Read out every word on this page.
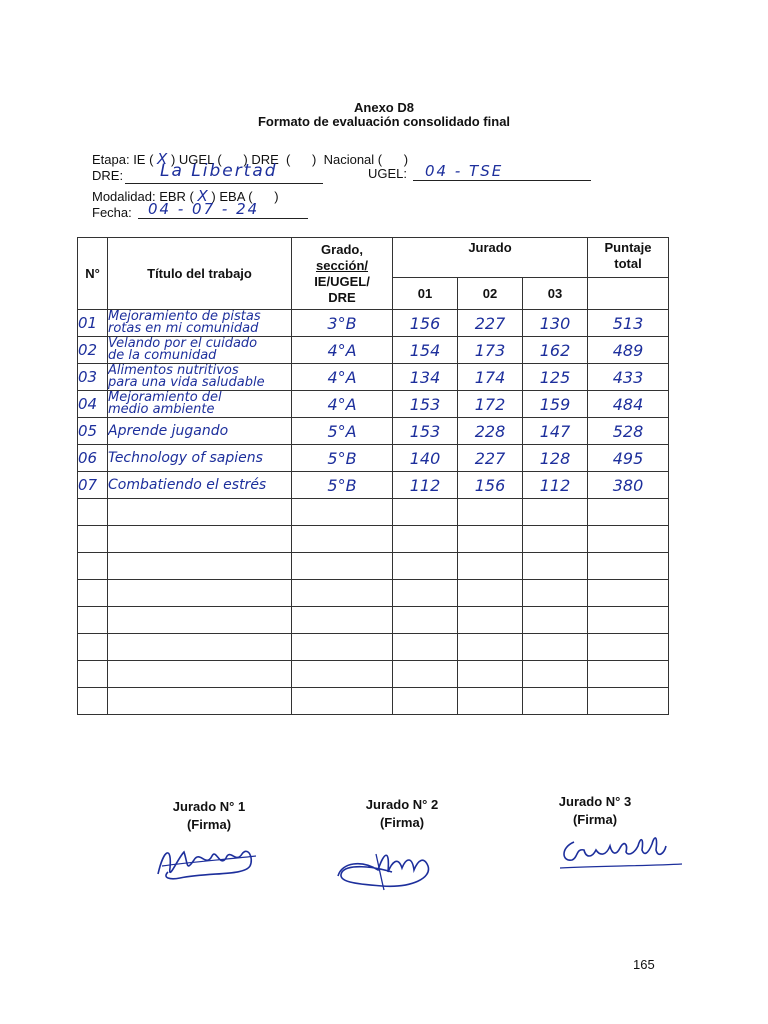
Anexo D8
Formato de evaluación consolidado final
Etapa: IE ( X ) UGEL (      ) DRE  (      )  Nacional (      )
DRE: La Libertad	UGEL: 04 - TSE
Modalidad: EBR ( X ) EBA (      )
Fecha: 04 - 07 - 24
N°	Título del trabajo	Grado,
sección/
IE/UGEL/
DRE	Jurado			Puntaje
total

			01	02	03	
01	Mejoramiento de pistas
rotas en mi comunidad	3°B	156	227	130	513
02	Velando por el cuidado
de la comunidad	4°A	154	173	162	489
03	Alimentos nutritivos
para una vida saludable	4°A	134	174	125	433
04	Mejoramiento del
medio ambiente	4°A	153	172	159	484
05	Aprende jugando	5°A	153	228	147	528
06	Technology of sapiens	5°B	140	227	128	495
07	Combatiendo el estrés	5°B	112	156	112	380

Jurado N° 1
(Firma)
Jurado N° 2
(Firma)
Jurado N° 3
(Firma)
165
